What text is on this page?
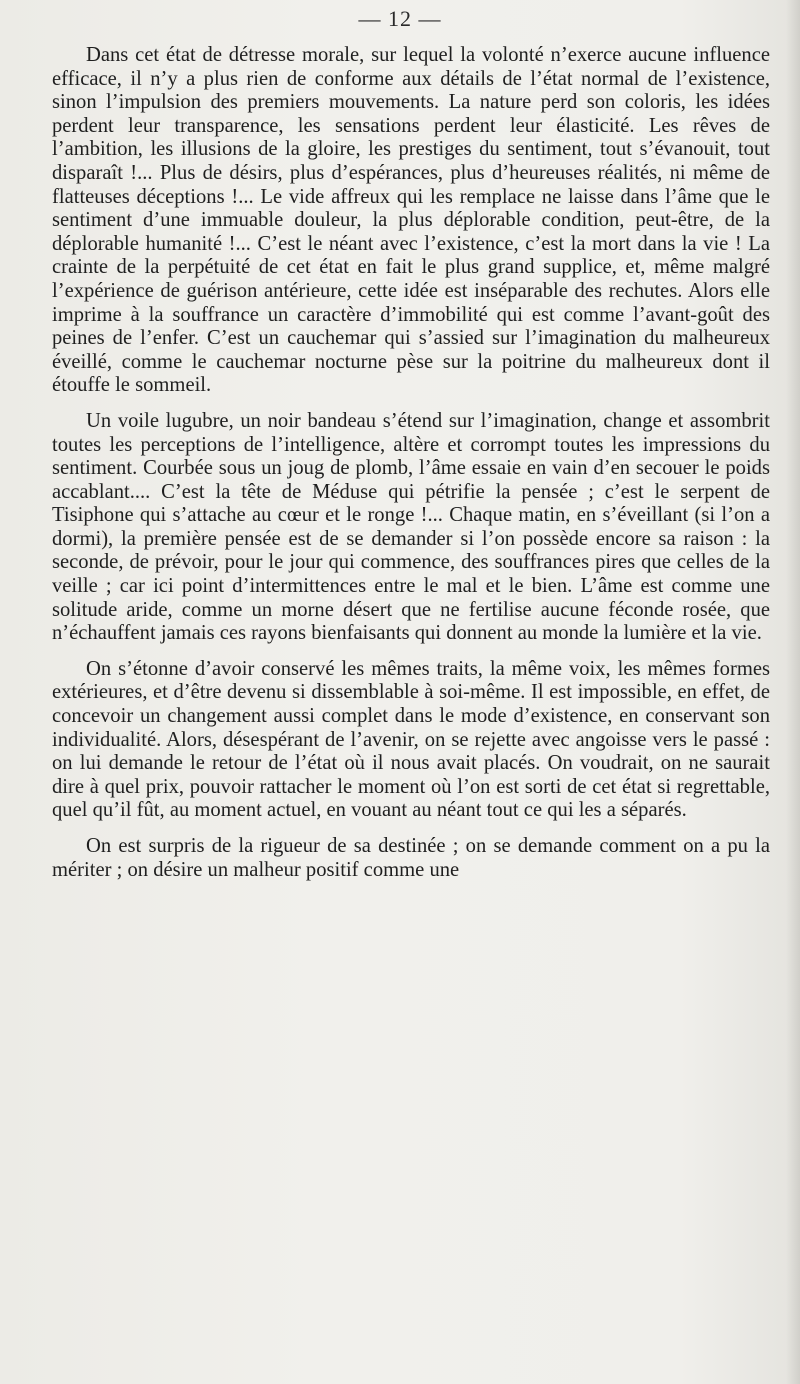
— 12 —

Dans cet état de détresse morale, sur lequel la volonté n’exerce aucune influence efficace, il n’y a plus rien de conforme aux détails de l’état normal de l’existence, sinon l’impulsion des premiers mouvements. La nature perd son coloris, les idées perdent leur transparence, les sensations perdent leur élasticité. Les rêves de l’ambition, les illusions de la gloire, les prestiges du sentiment, tout s’évanouit, tout disparaît !... Plus de désirs, plus d’espérances, plus d’heureuses réalités, ni même de flatteuses déceptions !... Le vide affreux qui les remplace ne laisse dans l’âme que le sentiment d’une immuable douleur, la plus déplorable condition, peut-être, de la déplorable humanité !... C’est le néant avec l’existence, c’est la mort dans la vie ! La crainte de la perpétuité de cet état en fait le plus grand supplice, et, même malgré l’expérience de guérison antérieure, cette idée est inséparable des rechutes. Alors elle imprime à la souffrance un caractère d’immobilité qui est comme l’avant-goût des peines de l’enfer. C’est un cauchemar qui s’assied sur l’imagination du malheureux éveillé, comme le cauchemar nocturne pèse sur la poitrine du malheureux dont il étouffe le sommeil.

Un voile lugubre, un noir bandeau s’étend sur l’imagination, change et assombrit toutes les perceptions de l’intelligence, altère et corrompt toutes les impressions du sentiment. Courbée sous un joug de plomb, l’âme essaie en vain d’en secouer le poids accablant.... C’est la tête de Méduse qui pétrifie la pensée ; c’est le serpent de Tisiphone qui s’attache au cœur et le ronge !... Chaque matin, en s’éveillant (si l’on a dormi), la première pensée est de se demander si l’on possède encore sa raison : la seconde, de prévoir, pour le jour qui commence, des souffrances pires que celles de la veille ; car ici point d’intermittences entre le mal et le bien. L’âme est comme une solitude aride, comme un morne désert que ne fertilise aucune féconde rosée, que n’échauffent jamais ces rayons bienfaisants qui donnent au monde la lumière et la vie.

On s’étonne d’avoir conservé les mêmes traits, la même voix, les mêmes formes extérieures, et d’être devenu si dissemblable à soi-même. Il est impossible, en effet, de concevoir un changement aussi complet dans le mode d’existence, en conservant son individualité. Alors, désespérant de l’avenir, on se rejette avec angoisse vers le passé : on lui demande le retour de l’état où il nous avait placés. On voudrait, on ne saurait dire à quel prix, pouvoir rattacher le moment où l’on est sorti de cet état si regrettable, quel qu’il fût, au moment actuel, en vouant au néant tout ce qui les a séparés.

On est surpris de la rigueur de sa destinée ; on se demande comment on a pu la mériter ; on désire un malheur positif comme une
